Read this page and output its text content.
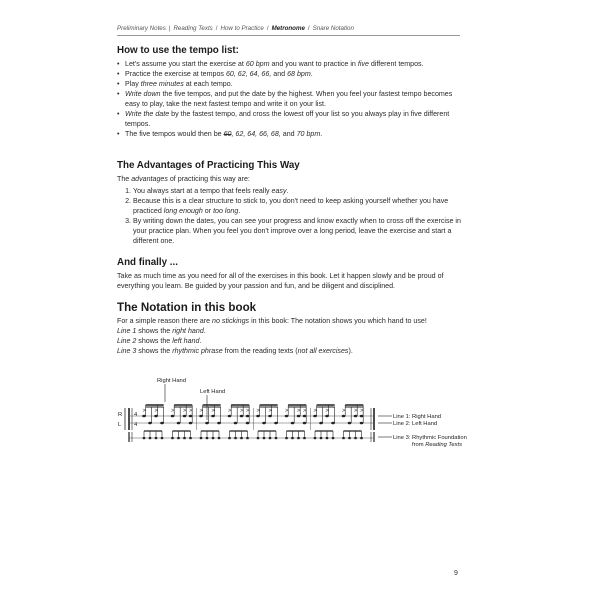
Preliminary Notes | Reading Texts / How to Practice / Metronome / Snare Notation
How to use the tempo list:
• Let's assume you start the exercise at 60 bpm and you want to practice in five different tempos.
• Practice the exercise at tempos 60, 62, 64, 66, and 68 bpm.
• Play three minutes at each tempo.
• Write down the five tempos, and put the date by the highest. When you feel your fastest tempo becomes easy to play, take the next fastest tempo and write it on your list.
• Write the date by the fastest tempo, and cross the lowest off your list so you always play in five different tempos.
• The five tempos would then be 60, 62, 64, 66, 68, and 70 bpm.
The Advantages of Practicing This Way

The advantages of practicing this way are:

1. You always start at a tempo that feels really easy.
2. Because this is a clear structure to stick to, you don't need to keep asking yourself whether you have practiced long enough or too long.
3. By writing down the dates, you can see your progress and know exactly when to cross off the exercise in your practice plan. When you feel you don't improve over a long period, leave the exercise and start a different one.
And finally ...

Take as much time as you need for all of the exercises in this book. Let it happen slowly and be proud of everything you learn. Be guided by your passion and fun, and be diligent and disciplined.

The Notation in this book

For a simple reason there are no stickings in this book: The notation shows you which hand to use!

Line 1 shows the right hand.

Line 2 shows the left hand.

Line 3 shows the rhythmic phrase from the reading texts (not all exercises).

Right Hand
Left Hand
R
L
4
4
> > > > > > > > > > > > > > > > > > > >
Line 1: Right Hand
Line 2: Left Hand
Line 3: Rhythmic Foundation
from Reading Texts
9
